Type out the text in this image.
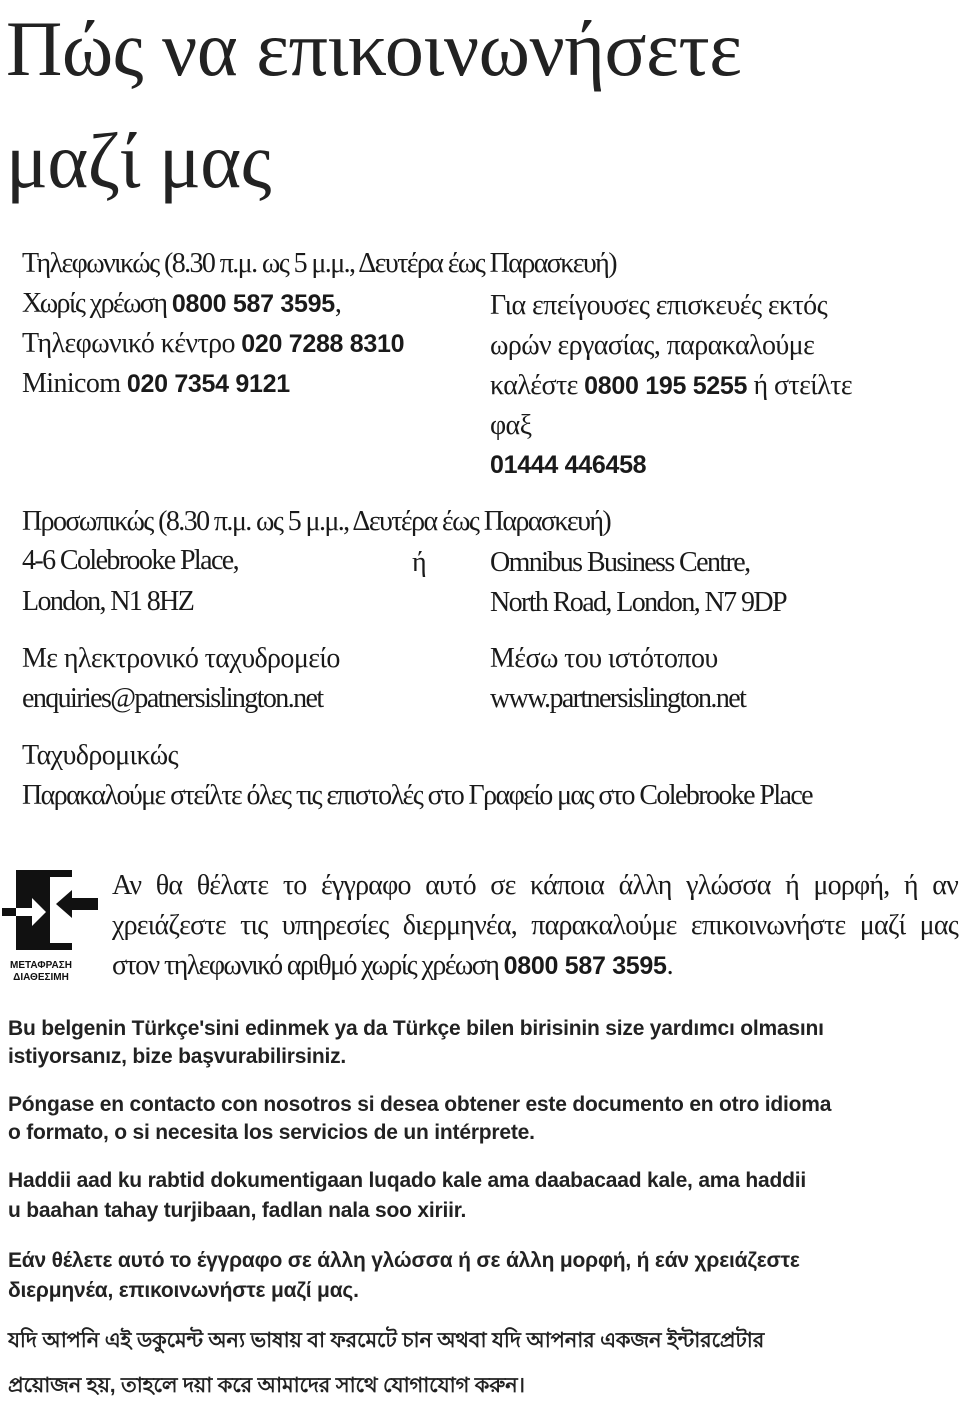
Πώς να επικοινωνήσετε
μαζί μας
Τηλεφωνικώς (8.30 π.μ. ως 5 μ.μ., Δευτέρα έως Παρασκευή)
Χωρίς χρέωση 0800 587 3595,
Τηλεφωνικό κέντρο 020 7288 8310
Minicom 020 7354 9121
Για επείγουσες επισκευές εκτός
ωρών εργασίας, παρακαλούμε
καλέστε 0800 195 5255 ή στείλτε
φαξ
01444 446458
Προσωπικώς (8.30 π.μ. ως 5 μ.μ., Δευτέρα έως Παρασκευή)
4-6 Colebrooke Place,
London, N1 8HZ
ή Omnibus Business Centre,
North Road, London, N7 9DP
Με ηλεκτρονικό ταχυδρομείο
enquiries@patnersislington.net
Μέσω του ιστότοπου
www.partnersislington.net
Ταχυδρομικώς
Παρακαλούμε στείλτε όλες τις επιστολές στο Γραφείο μας στο Colebrooke Place
ΜΕΤΑΦΡΑΣΗ
ΔΙΑΘΕΣΙΜΗ
Αν θα θέλατε το έγγραφο αυτό σε κάποια άλλη γλώσσα ή μορφή, ή αν
χρειάζεστε τις υπηρεσίες διερμηνέα, παρακαλούμε επικοινωνήστε μαζί μας
στον τηλεφωνικό αριθμό χωρίς χρέωση 0800 587 3595.
Bu belgenin Türkçe'sini edinmek ya da Türkçe bilen birisinin size yardımcı olmasını
istiyorsanız, bize başvurabilirsiniz.
Póngase en contacto con nosotros si desea obtener este documento en otro idioma
o formato, o si necesita los servicios de un intérprete.
Haddii aad ku rabtid dokumentigaan luqado kale ama daabacaad kale, ama haddii
u baahan tahay turjibaan, fadlan nala soo xiriir.
Εάν θέλετε αυτό το έγγραφο σε άλλη γλώσσα ή σε άλλη μορφή, ή εάν χρειάζεστε
διερμηνέα, επικοινωνήστε μαζί μας.
যদি আপনি এই ডকুমেন্ট অন্য ভাষায় বা ফরমেটে চান অথবা যদি আপনার একজন ইন্টারপ্রেটার
প্রয়োজন হয়, তাহলে দয়া করে আমাদের সাথে যোগাযোগ করুন।
